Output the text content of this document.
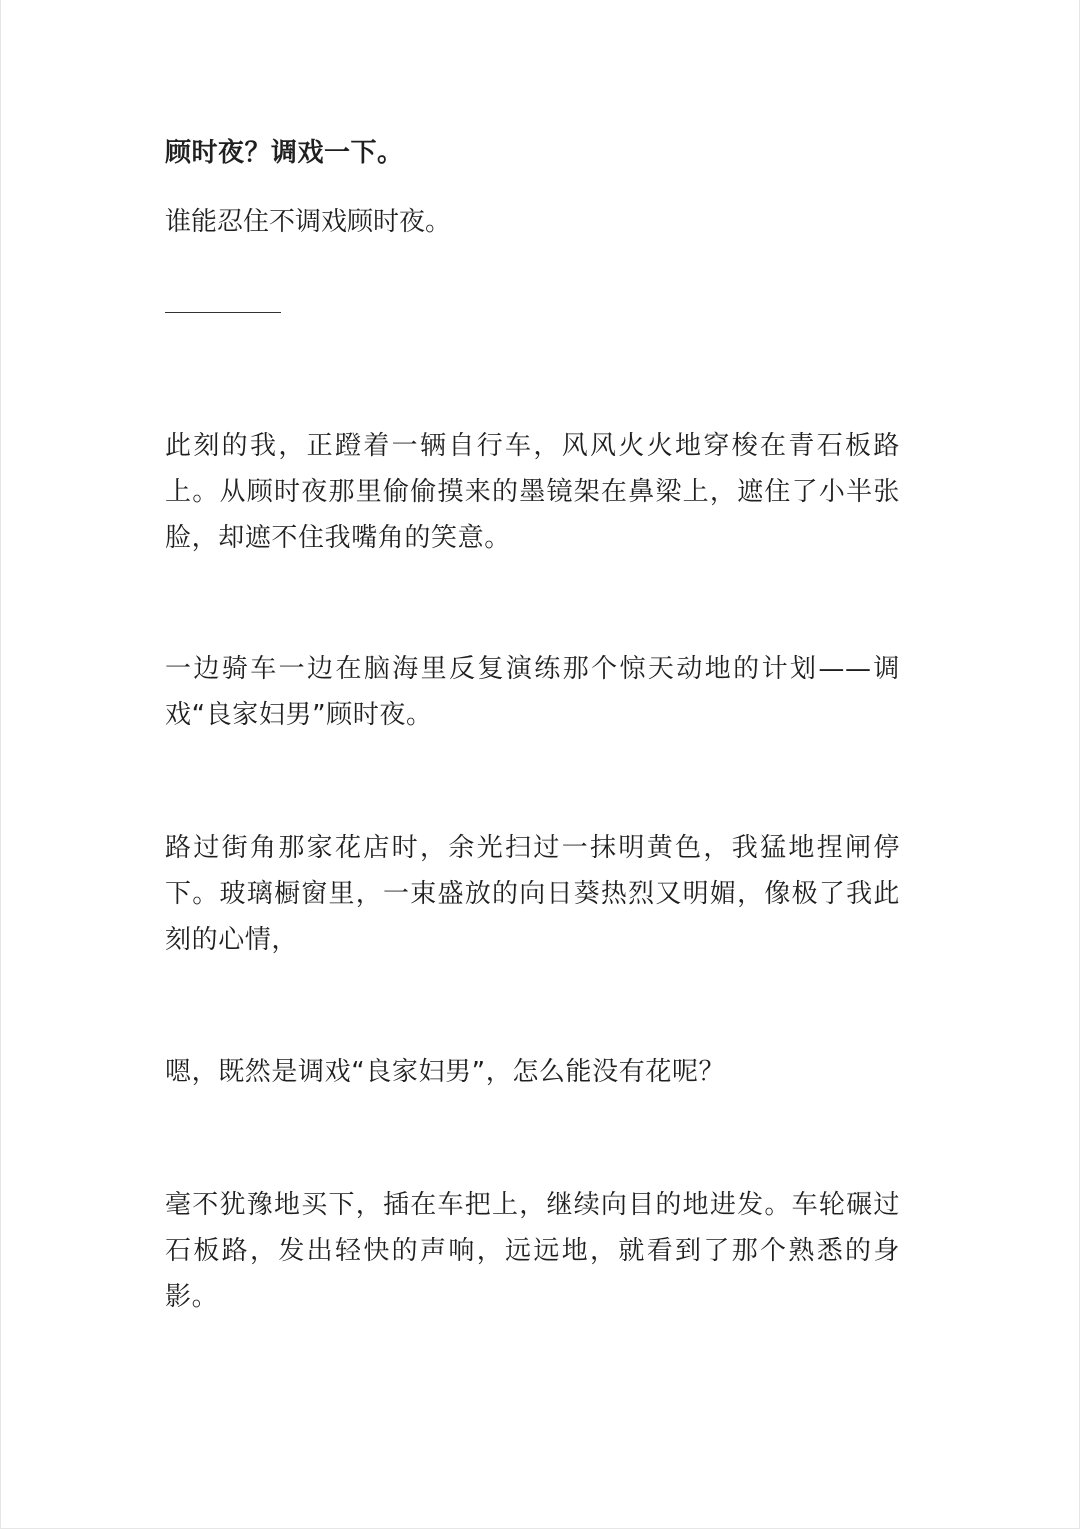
顾时夜？调戏一下。

谁能忍住不调戏顾时夜。

此刻的我，正蹬着一辆自行车，风风火火地穿梭在青石板路上。从顾时夜那里偷偷摸来的墨镜架在鼻梁上，遮住了小半张脸，却遮不住我嘴角的笑意。

一边骑车一边在脑海里反复演练那个惊天动地的计划——调戏“良家妇男”顾时夜。

路过街角那家花店时，余光扫过一抹明黄色，我猛地捏闸停下。玻璃橱窗里，一束盛放的向日葵热烈又明媚，像极了我此刻的心情，

嗯，既然是调戏“良家妇男”，怎么能没有花呢？

毫不犹豫地买下，插在车把上，继续向目的地进发。车轮碾过石板路，发出轻快的声响，远远地，就看到了那个熟悉的身影。
